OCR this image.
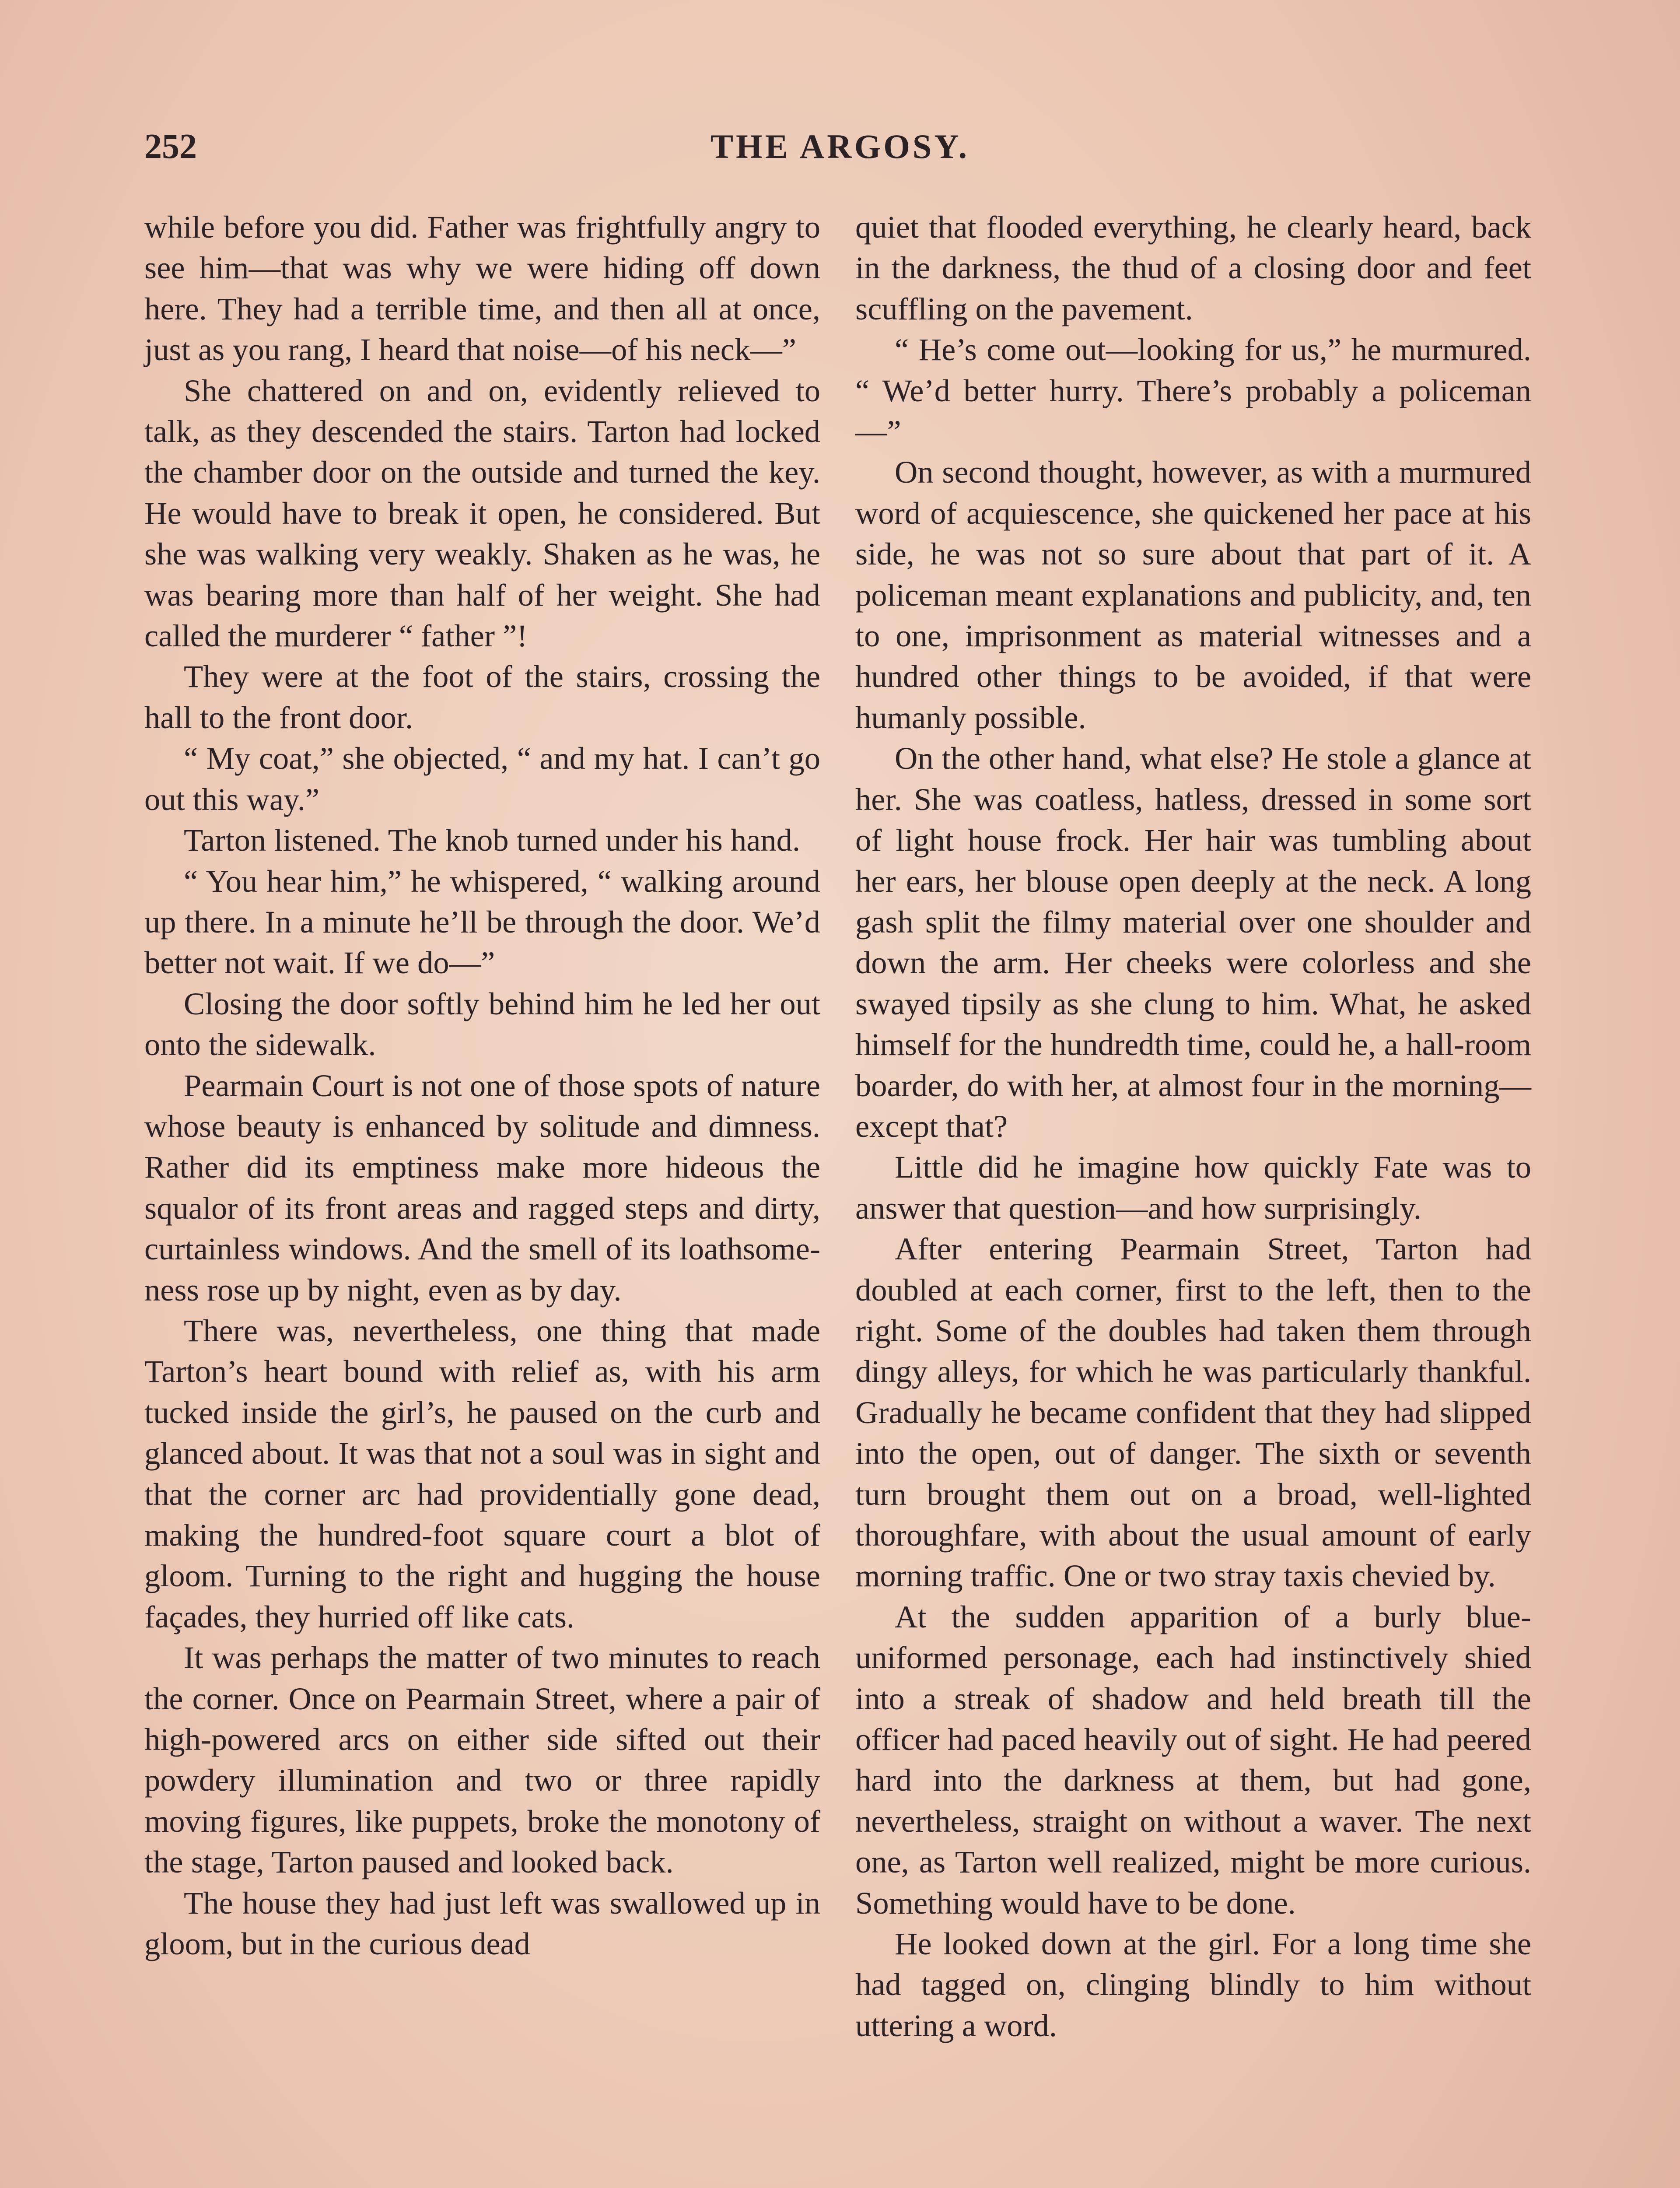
252	THE ARGOSY.

while before you did. Father was frightfully angry to see him—that was why we were hiding off down here. They had a terrible time, and then all at once, just as you rang, I heard that noise—of his neck—”

She chattered on and on, evidently relieved to talk, as they descended the stairs. Tarton had locked the chamber door on the outside and turned the key. He would have to break it open, he considered. But she was walking very weakly. Shaken as he was, he was bearing more than half of her weight. She had called the murderer “ father ”!

They were at the foot of the stairs, crossing the hall to the front door.

“ My coat,” she objected, “ and my hat. I can’t go out this way.”

Tarton listened. The knob turned under his hand.

“ You hear him,” he whispered, “ walking around up there. In a minute he’ll be through the door. We’d better not wait. If we do—”

Closing the door softly behind him he led her out onto the sidewalk.

Pearmain Court is not one of those spots of nature whose beauty is enhanced by solitude and dimness. Rather did its emptiness make more hideous the squalor of its front areas and ragged steps and dirty, curtainless windows. And the smell of its loathsomeness rose up by night, even as by day.

There was, nevertheless, one thing that made Tarton’s heart bound with relief as, with his arm tucked inside the girl’s, he paused on the curb and glanced about. It was that not a soul was in sight and that the corner arc had providentially gone dead, making the hundred-foot square court a blot of gloom. Turning to the right and hugging the house façades, they hurried off like cats.

It was perhaps the matter of two minutes to reach the corner. Once on Pearmain Street, where a pair of high-powered arcs on either side sifted out their powdery illumination and two or three rapidly moving figures, like puppets, broke the monotony of the stage, Tarton paused and looked back.

The house they had just left was swallowed up in gloom, but in the curious dead

quiet that flooded everything, he clearly heard, back in the darkness, the thud of a closing door and feet scuffling on the pavement.

“ He’s come out—looking for us,” he murmured. “ We’d better hurry. There’s probably a policeman—”

On second thought, however, as with a murmured word of acquiescence, she quickened her pace at his side, he was not so sure about that part of it. A policeman meant explanations and publicity, and, ten to one, imprisonment as material witnesses and a hundred other things to be avoided, if that were humanly possible.

On the other hand, what else? He stole a glance at her. She was coatless, hatless, dressed in some sort of light house frock. Her hair was tumbling about her ears, her blouse open deeply at the neck. A long gash split the filmy material over one shoulder and down the arm. Her cheeks were colorless and she swayed tipsily as she clung to him. What, he asked himself for the hundredth time, could he, a hall-room boarder, do with her, at almost four in the morning—except that?

Little did he imagine how quickly Fate was to answer that question—and how surprisingly.

After entering Pearmain Street, Tarton had doubled at each corner, first to the left, then to the right. Some of the doubles had taken them through dingy alleys, for which he was particularly thankful. Gradually he became confident that they had slipped into the open, out of danger. The sixth or seventh turn brought them out on a broad, well-lighted thoroughfare, with about the usual amount of early morning traffic. One or two stray taxis chevied by.

At the sudden apparition of a burly blue-uniformed personage, each had instinctively shied into a streak of shadow and held breath till the officer had paced heavily out of sight. He had peered hard into the darkness at them, but had gone, nevertheless, straight on without a waver. The next one, as Tarton well realized, might be more curious. Something would have to be done.

He looked down at the girl. For a long time she had tagged on, clinging blindly to him without uttering a word.
